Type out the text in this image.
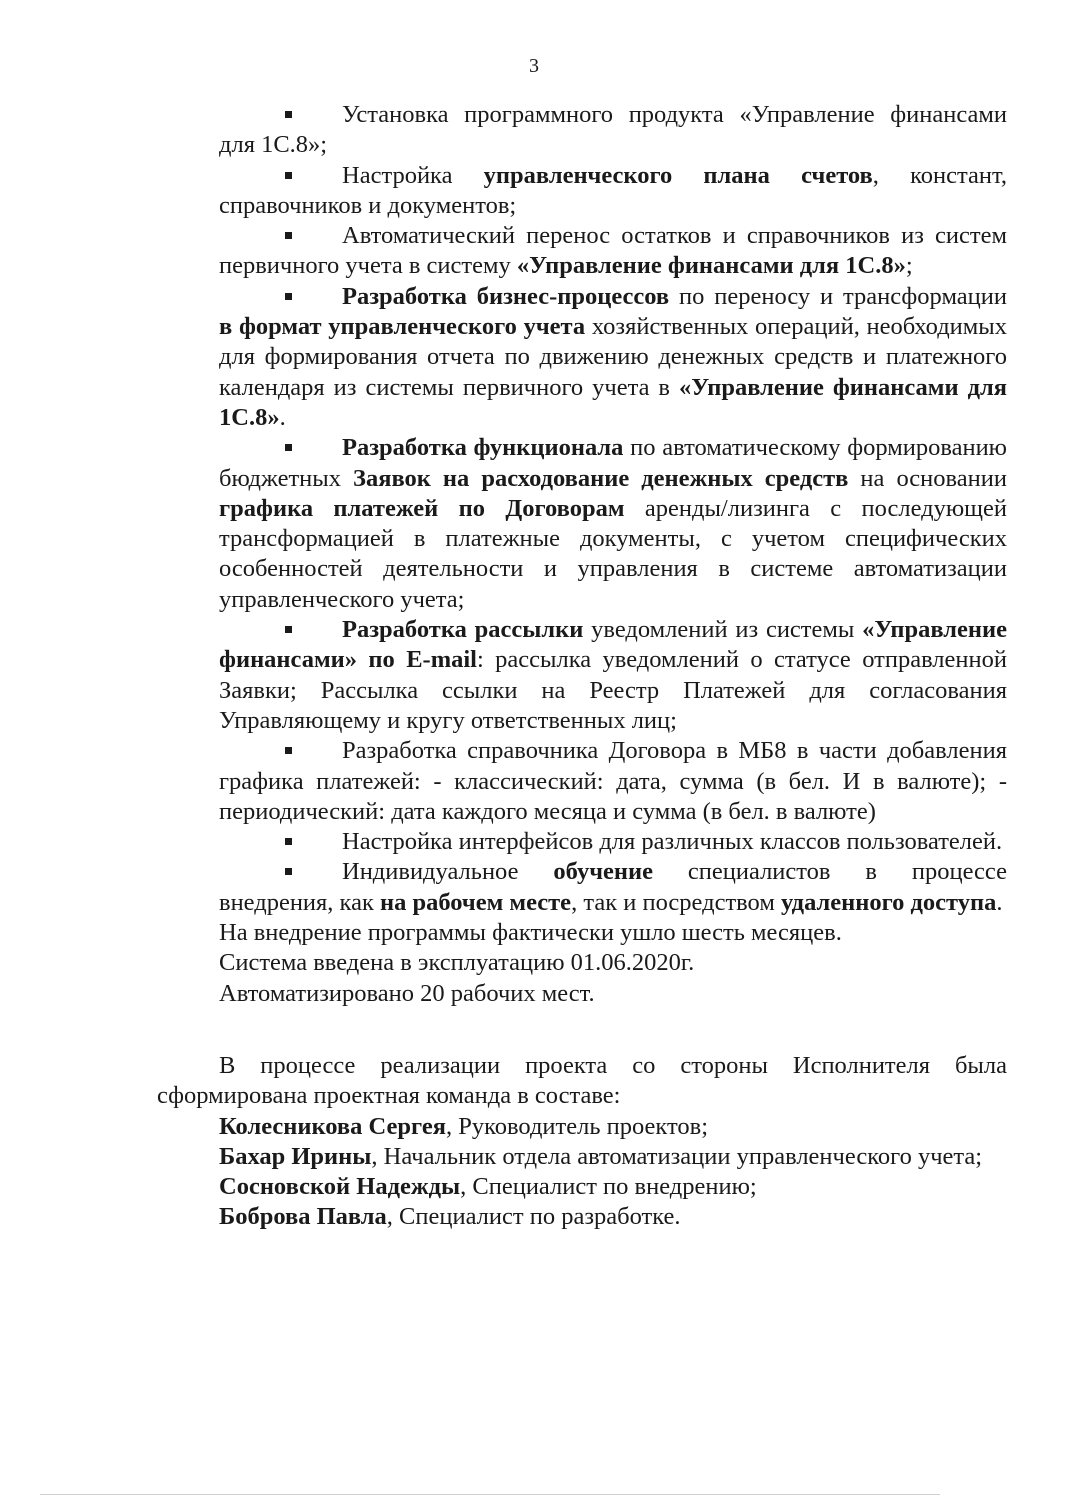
3
Установка программного продукта «Управление финансами для 1С.8»;
Настройка управленческого плана счетов, констант, справочников и документов;
Автоматический перенос остатков и справочников из систем первичного учета в систему «Управление финансами для 1С.8»;
Разработка бизнес-процессов по переносу и трансформации в формат управленческого учета хозяйственных операций, необходимых для формирования отчета по движению денежных средств и платежного календаря из системы первичного учета в «Управление финансами для 1С.8».
Разработка функционала по автоматическому формированию бюджетных Заявок на расходование денежных средств на основании графика платежей по Договорам аренды/лизинга с последующей трансформацией в платежные документы, с учетом специфических особенностей деятельности и управления в системе автоматизации управленческого учета;
Разработка рассылки уведомлений из системы «Управление финансами» по E-mail: рассылка уведомлений о статусе отправленной Заявки; Рассылка ссылки на Реестр Платежей для согласования Управляющему и кругу ответственных лиц;
Разработка справочника Договора в МБ8 в части добавления графика платежей: - классический: дата, сумма (в бел. И в валюте); - периодический: дата каждого месяца и сумма (в бел. в валюте)
Настройка интерфейсов для различных классов пользователей.
Индивидуальное обучение специалистов в процессе внедрения, как на рабочем месте, так и посредством удаленного доступа.
На внедрение программы фактически ушло шесть месяцев.
Система введена в эксплуатацию 01.06.2020г.
Автоматизировано 20 рабочих мест.
В процессе реализации проекта со стороны Исполнителя была сформирована проектная команда в составе:
Колесникова Сергея, Руководитель проектов;
Бахар Ирины, Начальник отдела автоматизации управленческого учета;
Сосновской Надежды, Специалист по внедрению;
Боброва Павла, Специалист по разработке.
